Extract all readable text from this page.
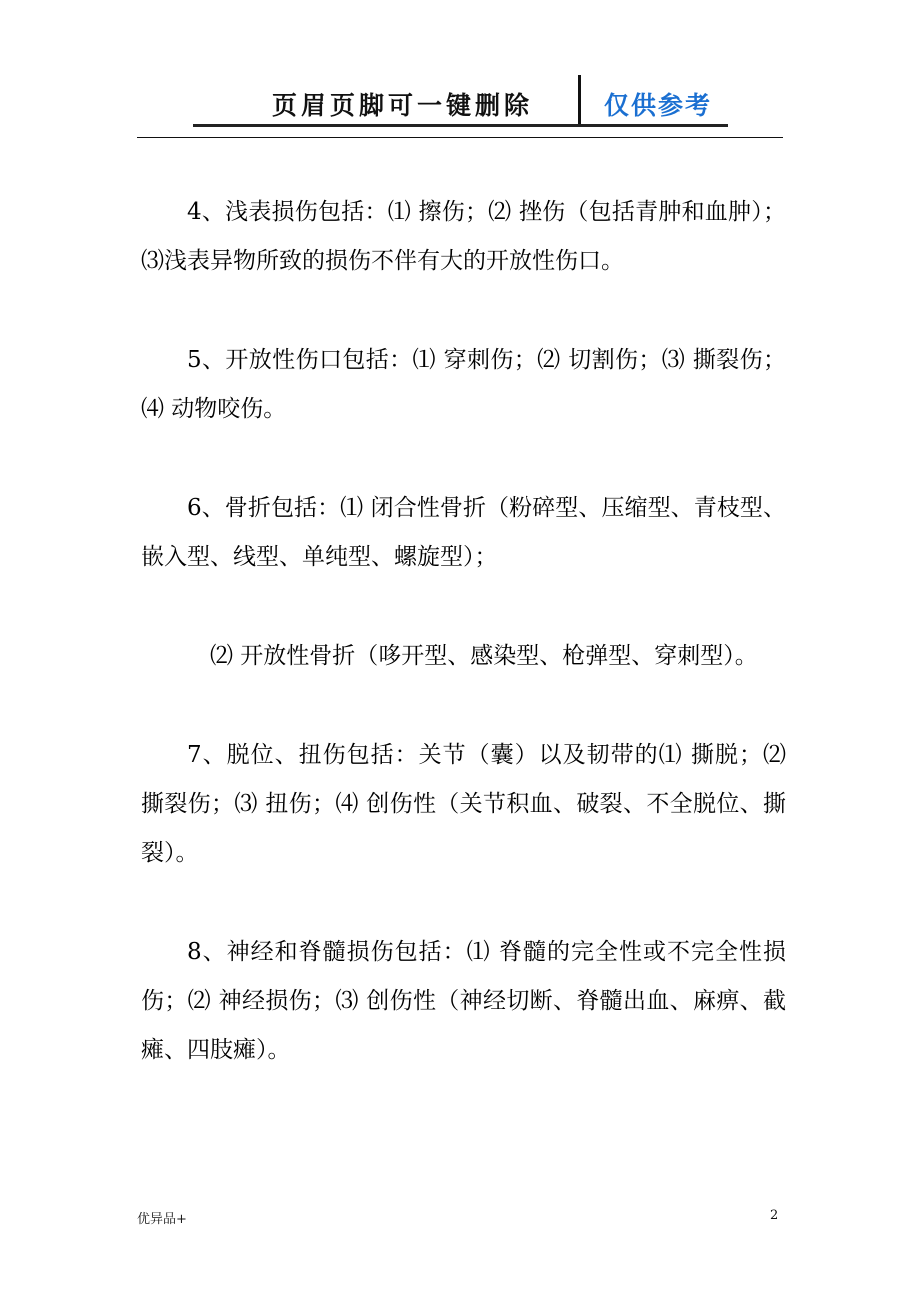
页眉页脚可一键删除	仅供参考

4、浅表损伤包括：⑴ 擦伤；⑵ 挫伤（包括青肿和血肿）；⑶浅表异物所致的损伤不伴有大的开放性伤口。

5、开放性伤口包括：⑴ 穿刺伤；⑵ 切割伤；⑶ 撕裂伤；⑷ 动物咬伤。

6、骨折包括：⑴ 闭合性骨折（粉碎型、压缩型、青枝型、嵌入型、线型、单纯型、螺旋型）；

⑵ 开放性骨折（哆开型、感染型、枪弹型、穿刺型）。

7、脱位、扭伤包括：关节（囊）以及韧带的⑴ 撕脱；⑵ 撕裂伤；⑶ 扭伤；⑷ 创伤性（关节积血、破裂、不全脱位、撕裂）。

8、神经和脊髓损伤包括：⑴ 脊髓的完全性或不完全性损伤；⑵ 神经损伤；⑶ 创伤性（神经切断、脊髓出血、麻痹、截瘫、四肢瘫）。

优异品+	2
